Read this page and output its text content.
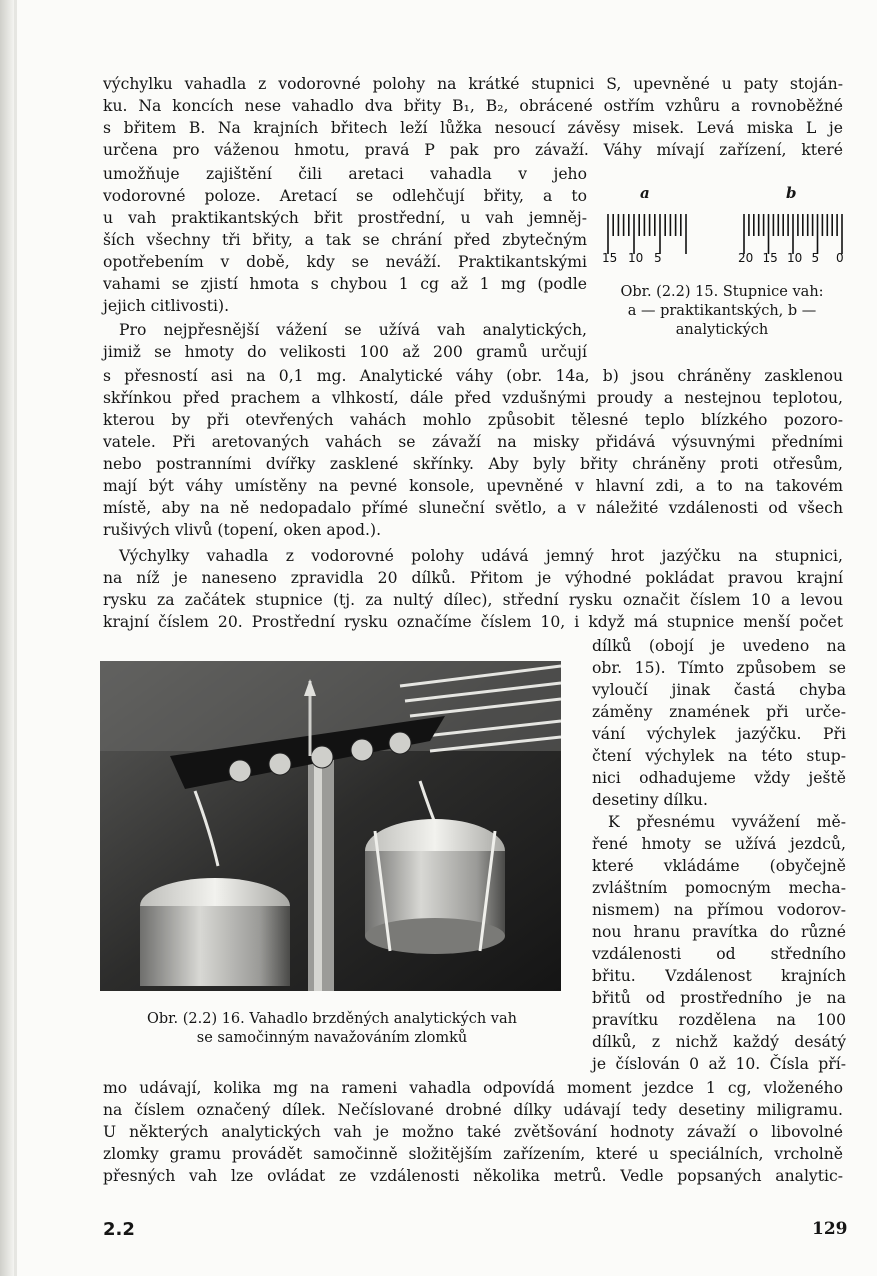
výchylku vahadla z vodorovné polohy na krátké stupnici S, upevněné u paty stoján-
ku. Na koncích nese vahadlo dva břity B₁, B₂, obrácené ostřím vzhůru a rovnoběžné
s břitem B. Na krajních břitech leží lůžka nesoucí závěsy misek. Levá miska L je
určena pro váženou hmotu, pravá P pak pro závaží. Váhy mívají zařízení, které
umožňuje zajištění čili aretaci vahadla v jeho
vodorovné poloze. Aretací se odlehčují břity, a to
u vah praktikantských břit prostřední, u vah jemněj-
ších všechny tři břity, a tak se chrání před zbytečným
opotřebením v době, kdy se neváží. Praktikantskými
vahami se zjistí hmota s chybou 1 cg až 1 mg (podle
jejich citlivosti).
Pro nejpřesnější vážení se užívá vah analytických,
jimiž se hmoty do velikosti 100 až 200 gramů určují
a	b
15 10 5	20 15 10 5 0
Obr. (2.2) 15. Stupnice vah:
a — praktikantských, b —
analytických
s přesností asi na 0,1 mg. Analytické váhy (obr. 14a, b) jsou chráněny zasklenou
skřínkou před prachem a vlhkostí, dále před vzdušnými proudy a nestejnou teplotou,
kterou by při otevřených vahách mohlo způsobit tělesné teplo blízkého pozoro-
vatele. Při aretovaných vahách se závaží na misky přidává výsuvnými předními
nebo postranními dvířky zasklené skřínky. Aby byly břity chráněny proti otřesům,
mají být váhy umístěny na pevné konsole, upevněné v hlavní zdi, a to na takovém
místě, aby na ně nedopadalo přímé sluneční světlo, a v náležité vzdálenosti od všech
rušivých vlivů (topení, oken apod.).
Výchylky vahadla z vodorovné polohy udává jemný hrot jazýčku na stupnici,
na níž je naneseno zpravidla 20 dílků. Přitom je výhodné pokládat pravou krajní
rysku za začátek stupnice (tj. za nultý dílec), střední rysku označit číslem 10 a levou
krajní číslem 20. Prostřední rysku označíme číslem 10, i když má stupnice menší počet
dílků (obojí je uvedeno na
obr. 15). Tímto způsobem se
vyloučí jinak častá chyba
záměny znamének při urče-
vání výchylek jazýčku. Při
čtení výchylek na této stup-
nici odhadujeme vždy ještě
desetiny dílku.
K přesnému vyvážení mě-
řené hmoty se užívá jezdců,
které vkládáme (obyčejně
zvláštním pomocným mecha-
nismem) na přímou vodorov-
nou hranu pravítka do různé
vzdálenosti od středního
břitu. Vzdálenost krajních
břitů od prostředního je na
pravítku rozdělena na 100
dílků, z nichž každý desátý
je číslován 0 až 10. Čísla pří-
Obr. (2.2) 16. Vahadlo brzděných analytických vah
se samočinným navažováním zlomků
mo udávají, kolika mg na rameni vahadla odpovídá moment jezdce 1 cg, vloženého
na číslem označený dílek. Nečíslované drobné dílky udávají tedy desetiny miligramu.
U některých analytických vah je možno také zvětšování hodnoty závaží o libovolné
zlomky gramu provádět samočinně složitějším zařízením, které u speciálních, vrcholně
přesných vah lze ovládat ze vzdálenosti několika metrů. Vedle popsaných analytic-
2.2	129
